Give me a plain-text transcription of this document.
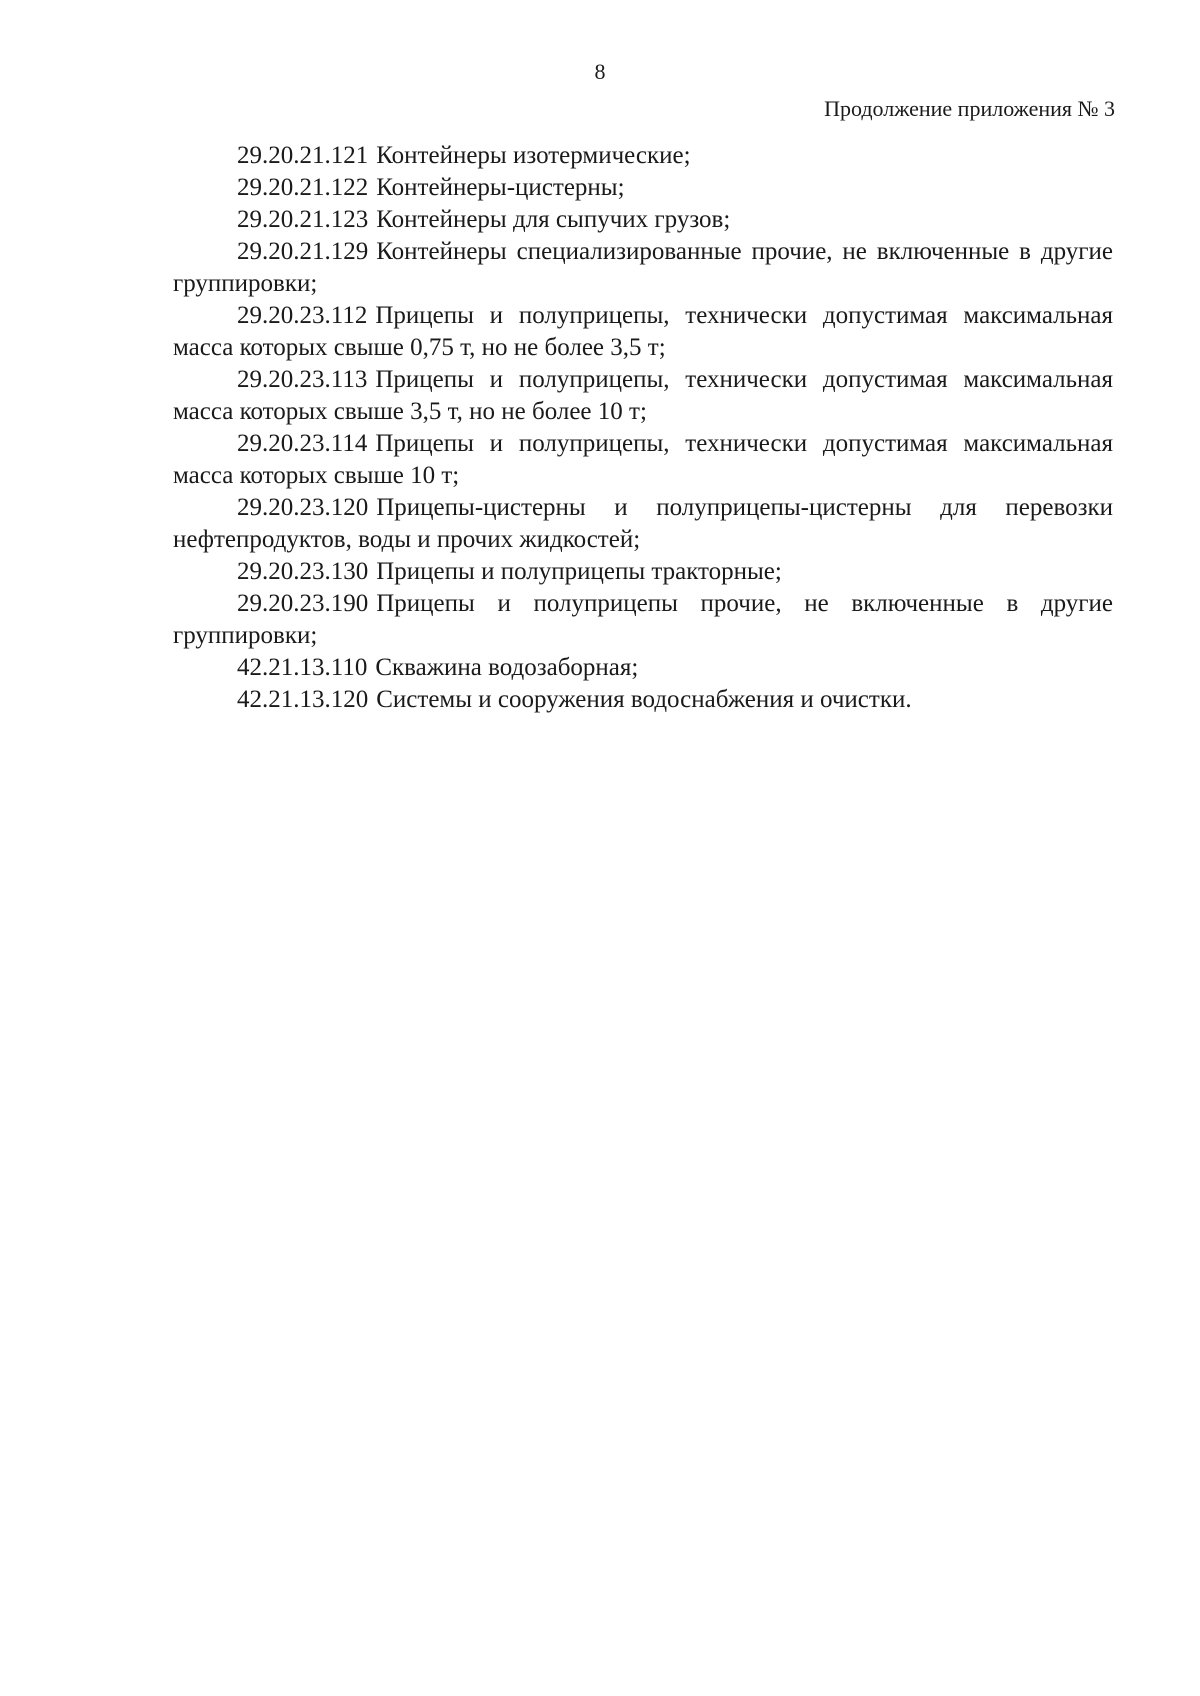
8
Продолжение приложения № 3

29.20.21.121 Контейнеры изотермические;

29.20.21.122 Контейнеры-цистерны;

29.20.21.123 Контейнеры для сыпучих грузов;

29.20.21.129 Контейнеры специализированные прочие, не включенные в другие группировки;

29.20.23.112 Прицепы и полуприцепы, технически допустимая максимальная масса которых свыше 0,75 т, но не более 3,5 т;

29.20.23.113 Прицепы и полуприцепы, технически допустимая максимальная масса которых свыше 3,5 т, но не более 10 т;

29.20.23.114 Прицепы и полуприцепы, технически допустимая максимальная масса которых свыше 10 т;

29.20.23.120 Прицепы-цистерны и полуприцепы-цистерны для перевозки нефтепродуктов, воды и прочих жидкостей;

29.20.23.130 Прицепы и полуприцепы тракторные;

29.20.23.190 Прицепы и полуприцепы прочие, не включенные в другие группировки;

42.21.13.110 Скважина водозаборная;

42.21.13.120 Системы и сооружения водоснабжения и очистки.
